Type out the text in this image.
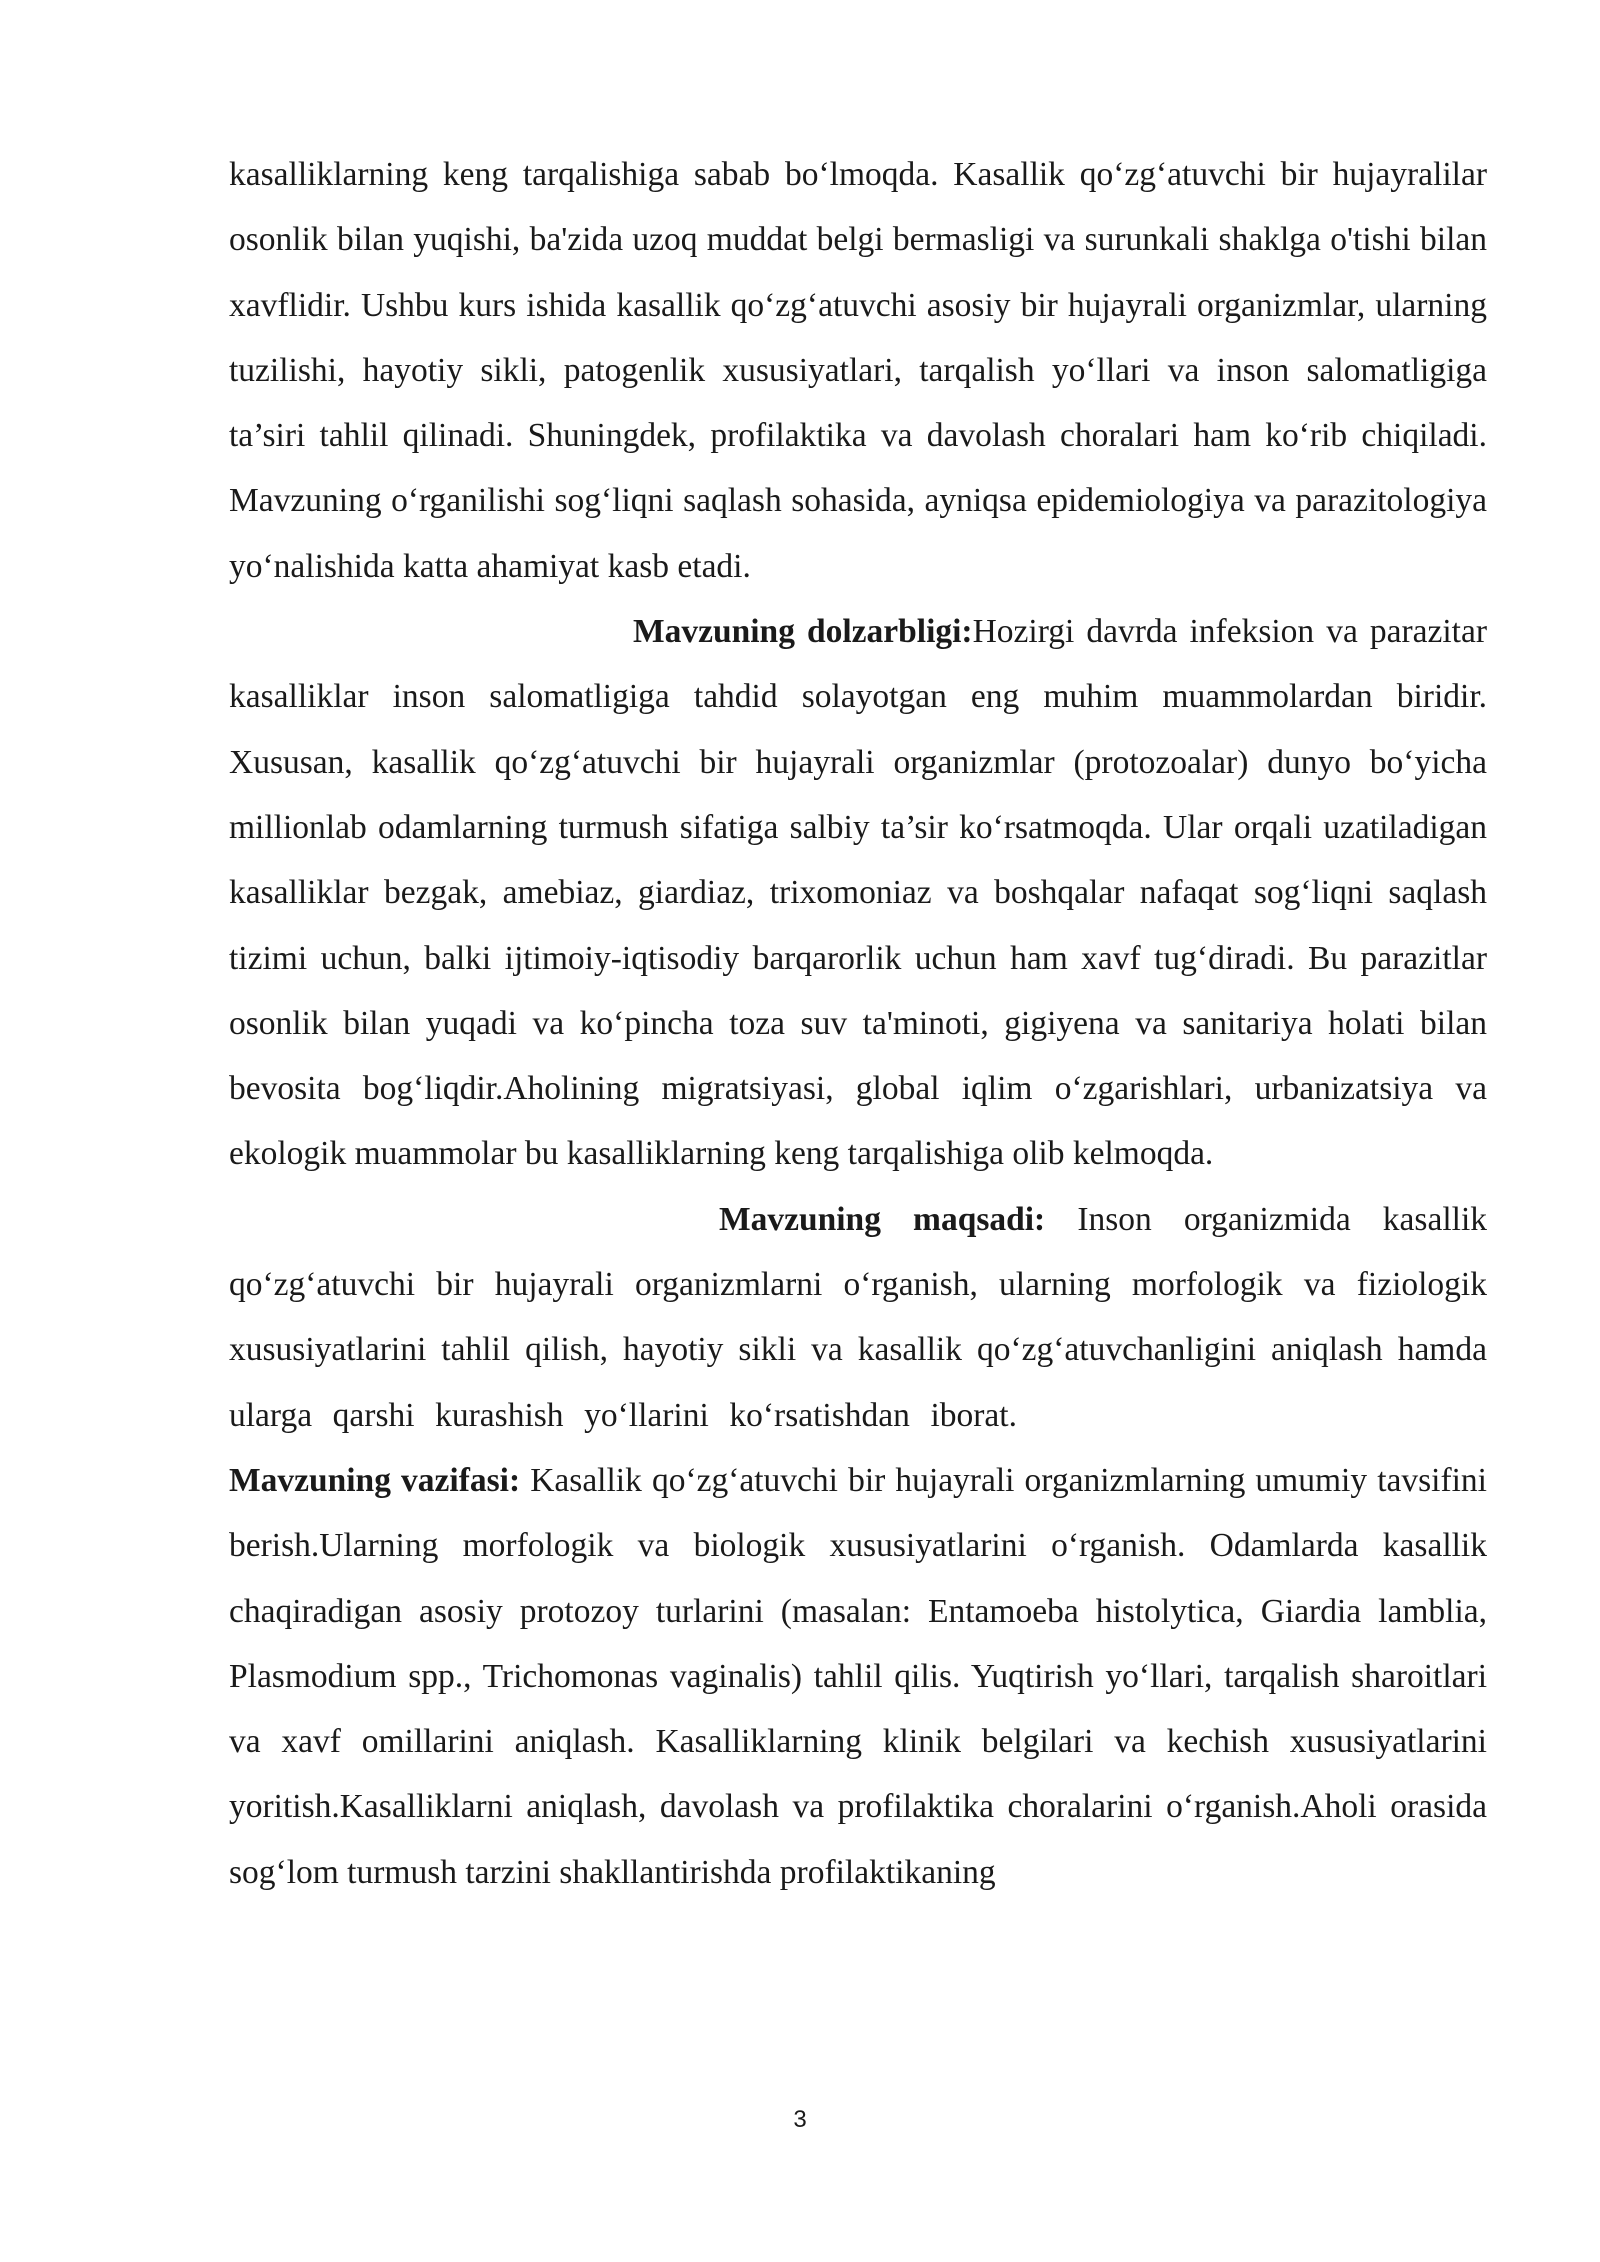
kasalliklarning keng tarqalishiga sabab bo‘lmoqda. Kasallik qo‘zg‘atuvchi bir hujayralilar osonlik bilan yuqishi, ba'zida uzoq muddat belgi bermasligi va surunkali shaklga o'tishi bilan xavflidir. Ushbu kurs ishida kasallik qo‘zg‘atuvchi asosiy bir hujayrali organizmlar, ularning tuzilishi, hayotiy sikli, patogenlik xususiyatlari, tarqalish yo‘llari va inson salomatligiga ta’siri tahlil qilinadi. Shuningdek, profilaktika va davolash choralari ham ko‘rib chiqiladi. Mavzuning o‘rganilishi sog‘liqni saqlash sohasida, ayniqsa epidemiologiya va parazitologiya yo‘nalishida katta ahamiyat kasb etadi.
Mavzuning dolzarbligi:Hozirgi davrda infeksion va parazitar kasalliklar inson salomatligiga tahdid solayotgan eng muhim muammolardan biridir. Xususan, kasallik qo‘zg‘atuvchi bir hujayrali organizmlar (protozoalar) dunyo bo‘yicha millionlab odamlarning turmush sifatiga salbiy ta’sir ko‘rsatmoqda. Ular orqali uzatiladigan kasalliklar bezgak, amebiaz, giardiaz, trixomoniaz va boshqalar nafaqat sog‘liqni saqlash tizimi uchun, balki ijtimoiy-iqtisodiy barqarorlik uchun ham xavf tug‘diradi. Bu parazitlar osonlik bilan yuqadi va ko‘pincha toza suv ta'minoti, gigiyena va sanitariya holati bilan bevosita bog‘liqdir.Aholining migratsiyasi, global iqlim o‘zgarishlari, urbanizatsiya va ekologik muammolar bu kasalliklarning keng tarqalishiga olib kelmoqda.
Mavzuning maqsadi: Inson organizmida kasallik qo‘zg‘atuvchi bir hujayrali organizmlarni o‘rganish, ularning morfologik va fiziologik xususiyatlarini tahlil qilish, hayotiy sikli va kasallik qo‘zg‘atuvchanligini aniqlash hamda ularga qarshi kurashish yo‘llarini ko‘rsatishdan iborat.Mavzuning vazifasi: Kasallik qo‘zg‘atuvchi bir hujayrali organizmlarning umumiy tavsifini berish.Ularning morfologik va biologik xususiyatlarini o‘rganish. Odamlarda kasallik chaqiradigan asosiy protozoy turlarini (masalan: Entamoeba histolytica, Giardia lamblia, Plasmodium spp., Trichomonas vaginalis) tahlil qilis. Yuqtirish yo‘llari, tarqalish sharoitlari va xavf omillarini aniqlash. Kasalliklarning klinik belgilari va kechish xususiyatlarini yoritish.Kasalliklarni aniqlash, davolash va profilaktika choralarini o‘rganish.Aholi orasida sog‘lom turmush tarzini shakllantirishda profilaktikaning
3
